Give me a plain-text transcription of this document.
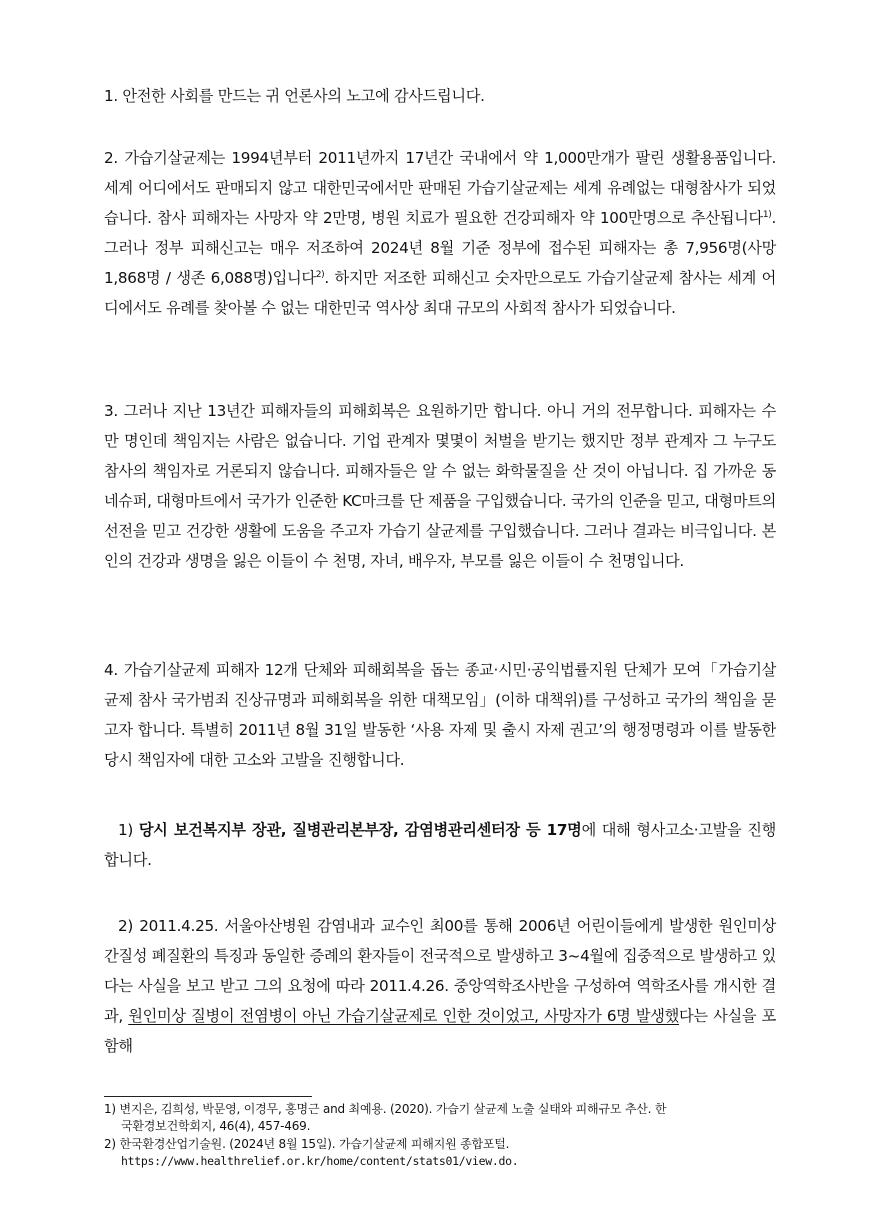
1. 안전한 사회를 만드는 귀 언론사의 노고에 감사드립니다.

2. 가습기살균제는 1994년부터 2011년까지 17년간 국내에서 약 1,000만개가 팔린 생활용품입니다. 세계 어디에서도 판매되지 않고 대한민국에서만 판매된 가습기살균제는 세계 유례없는 대형참사가 되었습니다. 참사 피해자는 사망자 약 2만명, 병원 치료가 필요한 건강피해자 약 100만명으로 추산됩니다$^{1)}$. 그러나 정부 피해신고는 매우 저조하여 2024년 8월 기준 정부에 접수된 피해자는 총 7,956명(사망 1,868명 / 생존 6,088명)입니다$^{2)}$. 하지만 저조한 피해신고 숫자만으로도 가습기살균제 참사는 세계 어디에서도 유례를 찾아볼 수 없는 대한민국 역사상 최대 규모의 사회적 참사가 되었습니다.

3. 그러나 지난 13년간 피해자들의 피해회복은 요원하기만 합니다. 아니 거의 전무합니다. 피해자는 수 만 명인데 책임지는 사람은 없습니다. 기업 관계자 몇몇이 처벌을 받기는 했지만 정부 관계자 그 누구도 참사의 책임자로 거론되지 않습니다. 피해자들은 알 수 없는 화학물질을 산 것이 아닙니다. 집 가까운 동네슈퍼, 대형마트에서 국가가 인준한 KC마크를 단 제품을 구입했습니다. 국가의 인준을 믿고, 대형마트의 선전을 믿고 건강한 생활에 도움을 주고자 가습기 살균제를 구입했습니다. 그러나 결과는 비극입니다. 본인의 건강과 생명을 잃은 이들이 수 천명, 자녀, 배우자, 부모를 잃은 이들이 수 천명입니다.

4. 가습기살균제 피해자 12개 단체와 피해회복을 돕는 종교·시민·공익법률지원 단체가 모여「가습기살균제 참사 국가범죄 진상규명과 피해회복을 위한 대책모임」(이하 대책위)를 구성하고 국가의 책임을 묻고자 합니다. 특별히 2011년 8월 31일 발동한 ‘사용 자제 및 출시 자제 권고’의 행정명령과 이를 발동한 당시 책임자에 대한 고소와 고발을 진행합니다.

1) 당시 보건복지부 장관, 질병관리본부장, 감염병관리센터장 등 17명에 대해 형사고소·고발을 진행합니다.

2) 2011.4.25. 서울아산병원 감염내과 교수인 최00를 통해 2006년 어린이들에게 발생한 원인미상 간질성 폐질환의 특징과 동일한 증례의 환자들이 전국적으로 발생하고 3~4월에 집중적으로 발생하고 있다는 사실을 보고 받고 그의 요청에 따라 2011.4.26. 중앙역학조사반을 구성하여 역학조사를 개시한 결과, 원인미상 질병이 전염병이 아닌 가습기살균제로 인한 것이었고, 사망자가 6명 발생했다는 사실을 포함해

1) 변지은, 김희성, 박문영, 이경무, 홍명근 and 최예용. (2020). 가습기 살균제 노출 실태와 피해규모 추산. 한
국환경보건학회지, 46(4), 457-469.

2) 한국환경산업기술원. (2024년 8월 15일). 가습기살균제 피해지원 종합포털.
https://www.healthrelief.or.kr/home/content/stats01/view.do.
